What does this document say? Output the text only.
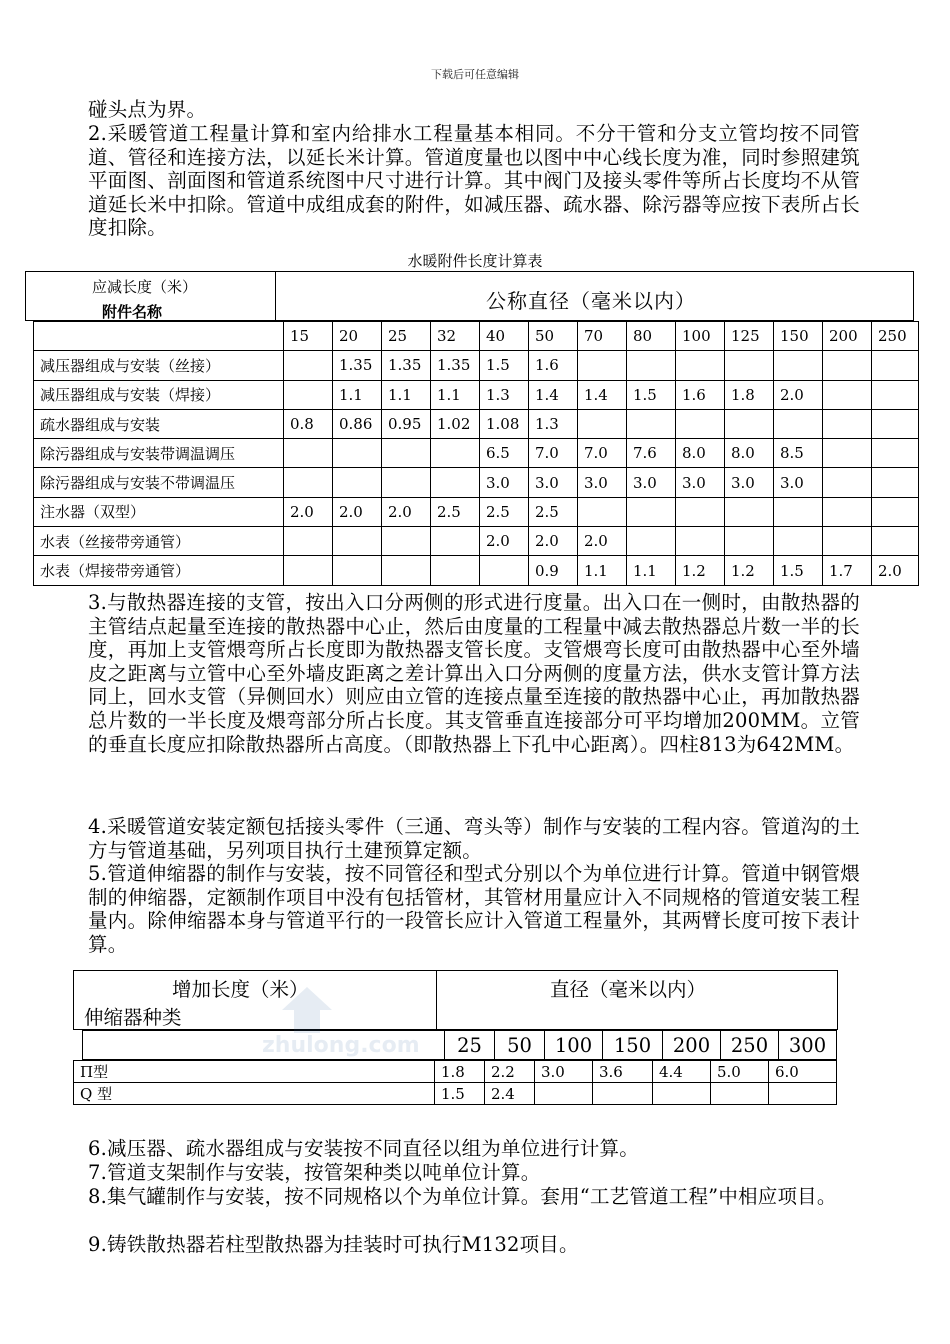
下载后可任意编辑

碰头点为界。

2.采暖管道工程量计算和室内给排水工程量基本相同。不分干管和分支立管均按不同管道、管径和连接方法，以延长米计算。管道度量也以图中中心线长度为准，同时参照建筑平面图、剖面图和管道系统图中尺寸进行计算。其中阀门及接头零件等所占长度均不从管道延长米中扣除。管道中成组成套的附件，如减压器、疏水器、除污器等应按下表所占长度扣除。

水暖附件长度计算表
应减长度（米）
附件名称	公称直径（毫米以内）
	15	20	25	32	40	50	70	80	100	125	150	200	250
减压器组成与安装（丝接）		1.35	1.35	1.35	1.5	1.6							
减压器组成与安装（焊接）		1.1	1.1	1.1	1.3	1.4	1.4	1.5	1.6	1.8	2.0		
疏水器组成与安装	0.8	0.86	0.95	1.02	1.08	1.3							
除污器组成与安装带调温调压					6.5	7.0	7.0	7.6	8.0	8.0	8.5		
除污器组成与安装不带调温压					3.0	3.0	3.0	3.0	3.0	3.0	3.0		
注水器（双型）	2.0	2.0	2.0	2.5	2.5	2.5							
水表（丝接带旁通管）					2.0	2.0	2.0						
水表（焊接带旁通管）						0.9	1.1	1.1	1.2	1.2	1.5	1.7	2.0

3.与散热器连接的支管，按出入口分两侧的形式进行度量。出入口在一侧时，由散热器的主管结点起量至连接的散热器中心止，然后由度量的工程量中减去散热器总片数一半的长度，再加上支管煨弯所占长度即为散热器支管长度。支管煨弯长度可由散热器中心至外墙皮之距离与立管中心至外墙皮距离之差计算出入口分两侧的度量方法，供水支管计算方法同上，回水支管（异侧回水）则应由立管的连接点量至连接的散热器中心止，再加散热器总片数的一半长度及煨弯部分所占长度。其支管垂直连接部分可平均增加200MM。立管的垂直长度应扣除散热器所占高度。（即散热器上下孔中心距离）。四柱813为642MM。

4.采暖管道安装定额包括接头零件（三通、弯头等）制作与安装的工程内容。管道沟的土方与管道基础，另列项目执行土建预算定额。

5.管道伸缩器的制作与安装，按不同管径和型式分别以个为单位进行计算。管道中钢管煨制的伸缩器，定额制作项目中没有包括管材，其管材用量应计入不同规格的管道安装工程量内。除伸缩器本身与管道平行的一段管长应计入管道工程量外，其两臂长度可按下表计算。

增加长度（米）
伸缩器种类
直径（毫米以内）
	25	50	100	150	200	250	300
Π型	1.8	2.2	3.0	3.6	4.4	5.0	6.0
Q 型	1.5	2.4					
zhulong.com

6.减压器、疏水器组成与安装按不同直径以组为单位进行计算。

7.管道支架制作与安装，按管架种类以吨单位计算。

8.集气罐制作与安装，按不同规格以个为单位计算。套用“工艺管道工程”中相应项目。

9.铸铁散热器若柱型散热器为挂装时可执行M132项目。
